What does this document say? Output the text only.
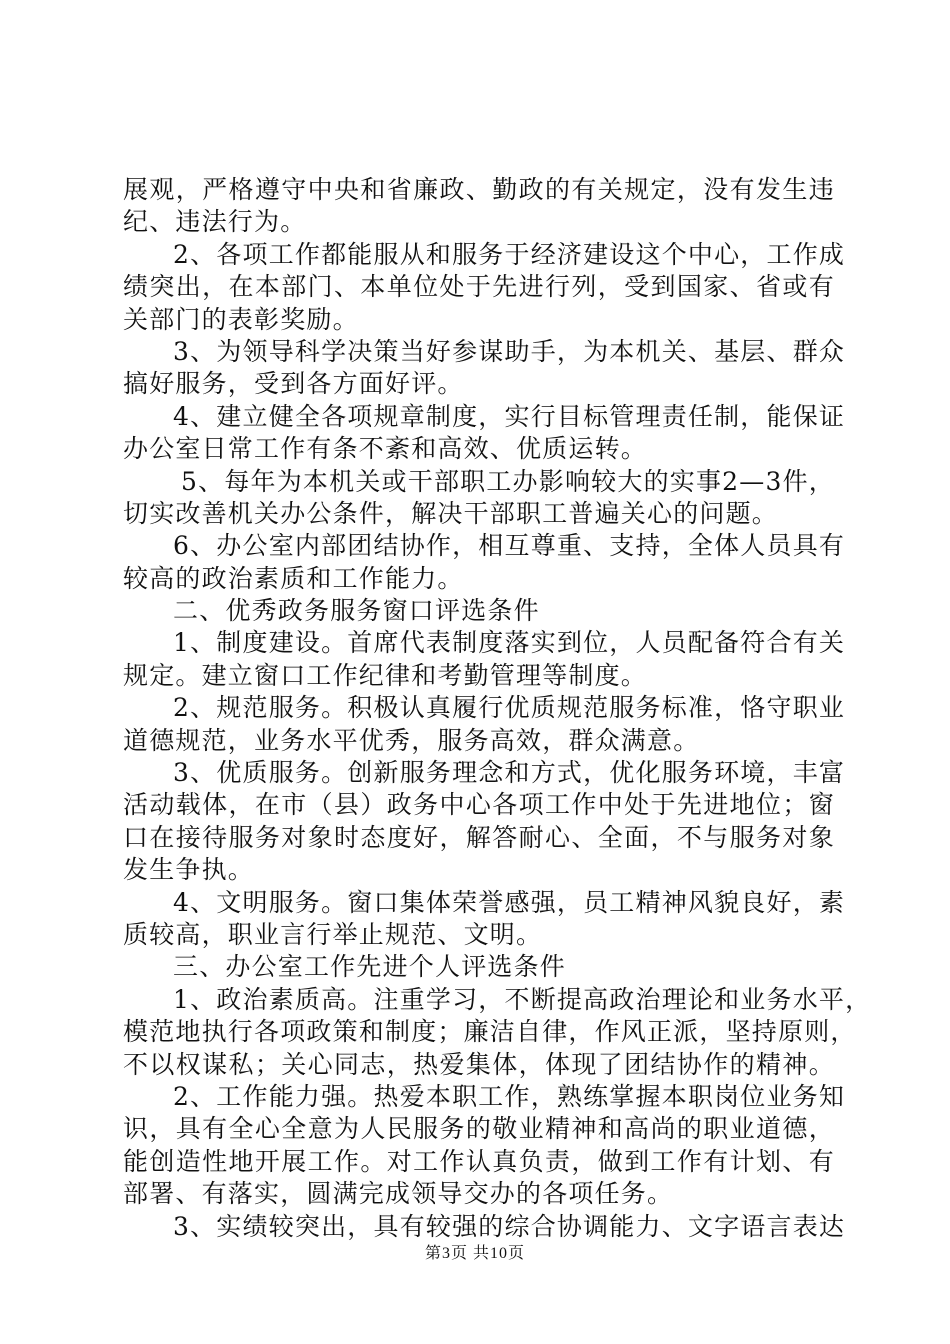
展观，严格遵守中央和省廉政、勤政的有关规定，没有发生违
纪、违法行为。
2、各项工作都能服从和服务于经济建设这个中心，工作成
绩突出，在本部门、本单位处于先进行列，受到国家、省或有
关部门的表彰奖励。
3、为领导科学决策当好参谋助手，为本机关、基层、群众
搞好服务，受到各方面好评。
4、建立健全各项规章制度，实行目标管理责任制，能保证
办公室日常工作有条不紊和高效、优质运转。
5、每年为本机关或干部职工办影响较大的实事2—3件，
切实改善机关办公条件，解决干部职工普遍关心的问题。
6、办公室内部团结协作，相互尊重、支持，全体人员具有
较高的政治素质和工作能力。
二、优秀政务服务窗口评选条件
1、制度建设。首席代表制度落实到位，人员配备符合有关
规定。建立窗口工作纪律和考勤管理等制度。
2、规范服务。积极认真履行优质规范服务标准，恪守职业
道德规范，业务水平优秀，服务高效，群众满意。
3、优质服务。创新服务理念和方式，优化服务环境，丰富
活动载体，在市（县）政务中心各项工作中处于先进地位；窗
口在接待服务对象时态度好，解答耐心、全面，不与服务对象
发生争执。
4、文明服务。窗口集体荣誉感强，员工精神风貌良好，素
质较高，职业言行举止规范、文明。
三、办公室工作先进个人评选条件
1、政治素质高。注重学习，不断提高政治理论和业务水平，
模范地执行各项政策和制度；廉洁自律，作风正派，坚持原则，
不以权谋私；关心同志，热爱集体，体现了团结协作的精神。
2、工作能力强。热爱本职工作，熟练掌握本职岗位业务知
识，具有全心全意为人民服务的敬业精神和高尚的职业道德，
能创造性地开展工作。对工作认真负责，做到工作有计划、有
部署、有落实，圆满完成领导交办的各项任务。
3、实绩较突出，具有较强的综合协调能力、文字语言表达
第3页 共10页
